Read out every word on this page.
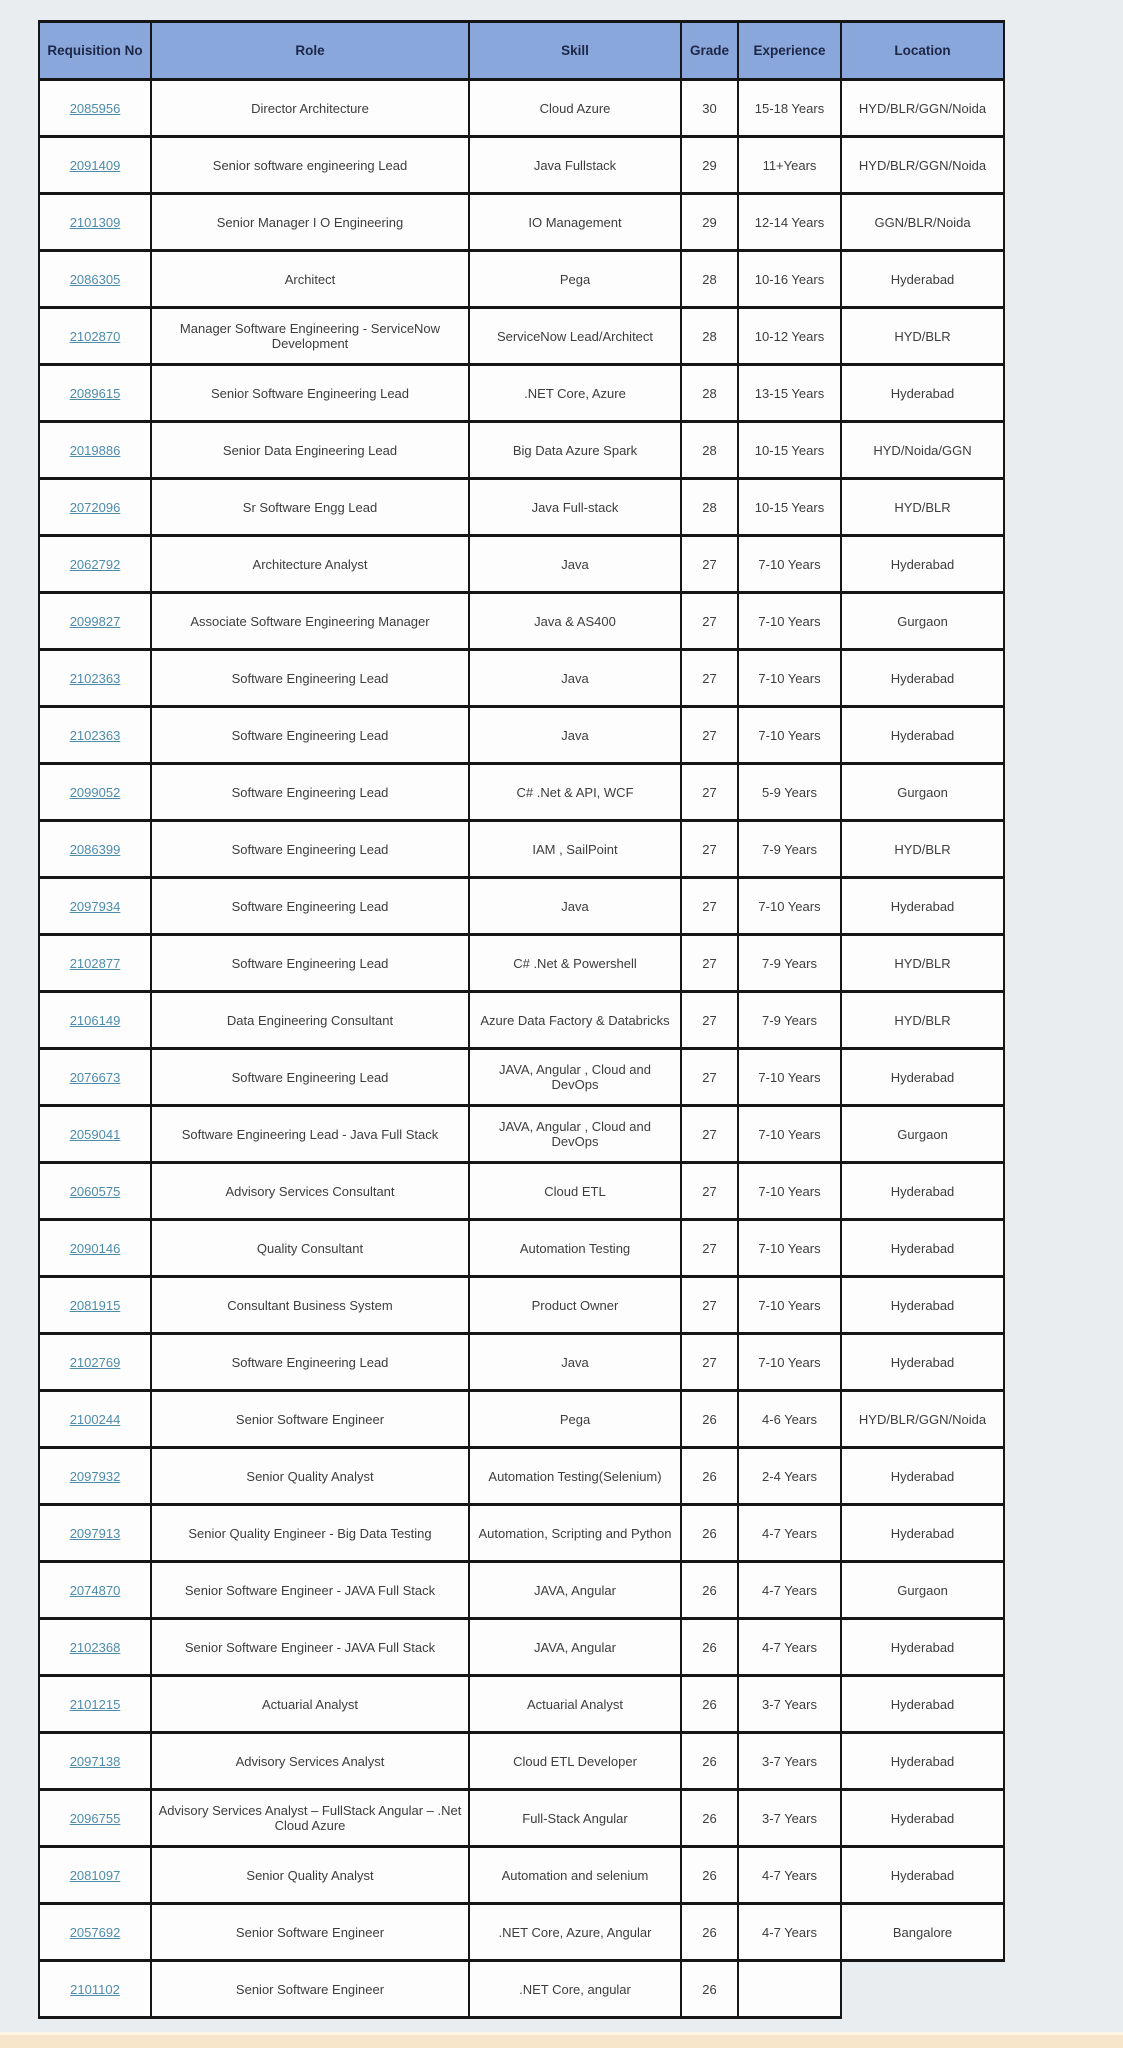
Requisition No	Role	Skill	Grade	Experience	Location
2085956	Director Architecture	Cloud Azure	30	15-18 Years	HYD/BLR/GGN/Noida
2091409	Senior software engineering Lead	Java Fullstack	29	11+Years	HYD/BLR/GGN/Noida
2101309	Senior Manager I O Engineering	IO Management	29	12-14 Years	GGN/BLR/Noida
2086305	Architect	Pega	28	10-16 Years	Hyderabad
2102870	Manager Software Engineering - ServiceNow Development	ServiceNow Lead/Architect	28	10-12 Years	HYD/BLR
2089615	Senior Software Engineering Lead	.NET Core, Azure	28	13-15 Years	Hyderabad
2019886	Senior Data Engineering Lead	Big Data Azure Spark	28	10-15 Years	HYD/Noida/GGN
2072096	Sr Software Engg Lead	Java Full-stack	28	10-15 Years	HYD/BLR
2062792	Architecture Analyst	Java	27	7-10 Years	Hyderabad
2099827	Associate Software Engineering Manager	Java & AS400	27	7-10 Years	Gurgaon
2102363	Software Engineering Lead	Java	27	7-10 Years	Hyderabad
2102363	Software Engineering Lead	Java	27	7-10 Years	Hyderabad
2099052	Software Engineering Lead	C# .Net & API, WCF	27	5-9 Years	Gurgaon
2086399	Software Engineering Lead	IAM , SailPoint	27	7-9 Years	HYD/BLR
2097934	Software Engineering Lead	Java	27	7-10 Years	Hyderabad
2102877	Software Engineering Lead	C# .Net & Powershell	27	7-9 Years	HYD/BLR
2106149	Data Engineering Consultant	Azure Data Factory & Databricks	27	7-9 Years	HYD/BLR
2076673	Software Engineering Lead	JAVA, Angular , Cloud and DevOps	27	7-10 Years	Hyderabad
2059041	Software Engineering Lead - Java Full Stack	JAVA, Angular , Cloud and DevOps	27	7-10 Years	Gurgaon
2060575	Advisory Services Consultant	Cloud ETL	27	7-10 Years	Hyderabad
2090146	Quality Consultant	Automation Testing	27	7-10 Years	Hyderabad
2081915	Consultant Business System	Product Owner	27	7-10 Years	Hyderabad
2102769	Software Engineering Lead	Java	27	7-10 Years	Hyderabad
2100244	Senior Software Engineer	Pega	26	4-6 Years	HYD/BLR/GGN/Noida
2097932	Senior Quality Analyst	Automation Testing(Selenium)	26	2-4 Years	Hyderabad
2097913	Senior Quality Engineer - Big Data Testing	Automation, Scripting and Python	26	4-7 Years	Hyderabad
2074870	Senior Software Engineer - JAVA Full Stack	JAVA, Angular	26	4-7 Years	Gurgaon
2102368	Senior Software Engineer - JAVA Full Stack	JAVA, Angular	26	4-7 Years	Hyderabad
2101215	Actuarial Analyst	Actuarial Analyst	26	3-7 Years	Hyderabad
2097138	Advisory Services Analyst	Cloud ETL Developer	26	3-7 Years	Hyderabad
2096755	Advisory Services Analyst – FullStack Angular – .Net Cloud Azure	Full-Stack Angular	26	3-7 Years	Hyderabad
2081097	Senior Quality Analyst	Automation and selenium	26	4-7 Years	Hyderabad
2057692	Senior Software Engineer	.NET Core, Azure, Angular	26	4-7 Years	Bangalore
2101102	Senior Software Engineer	.NET Core, angular	26		
